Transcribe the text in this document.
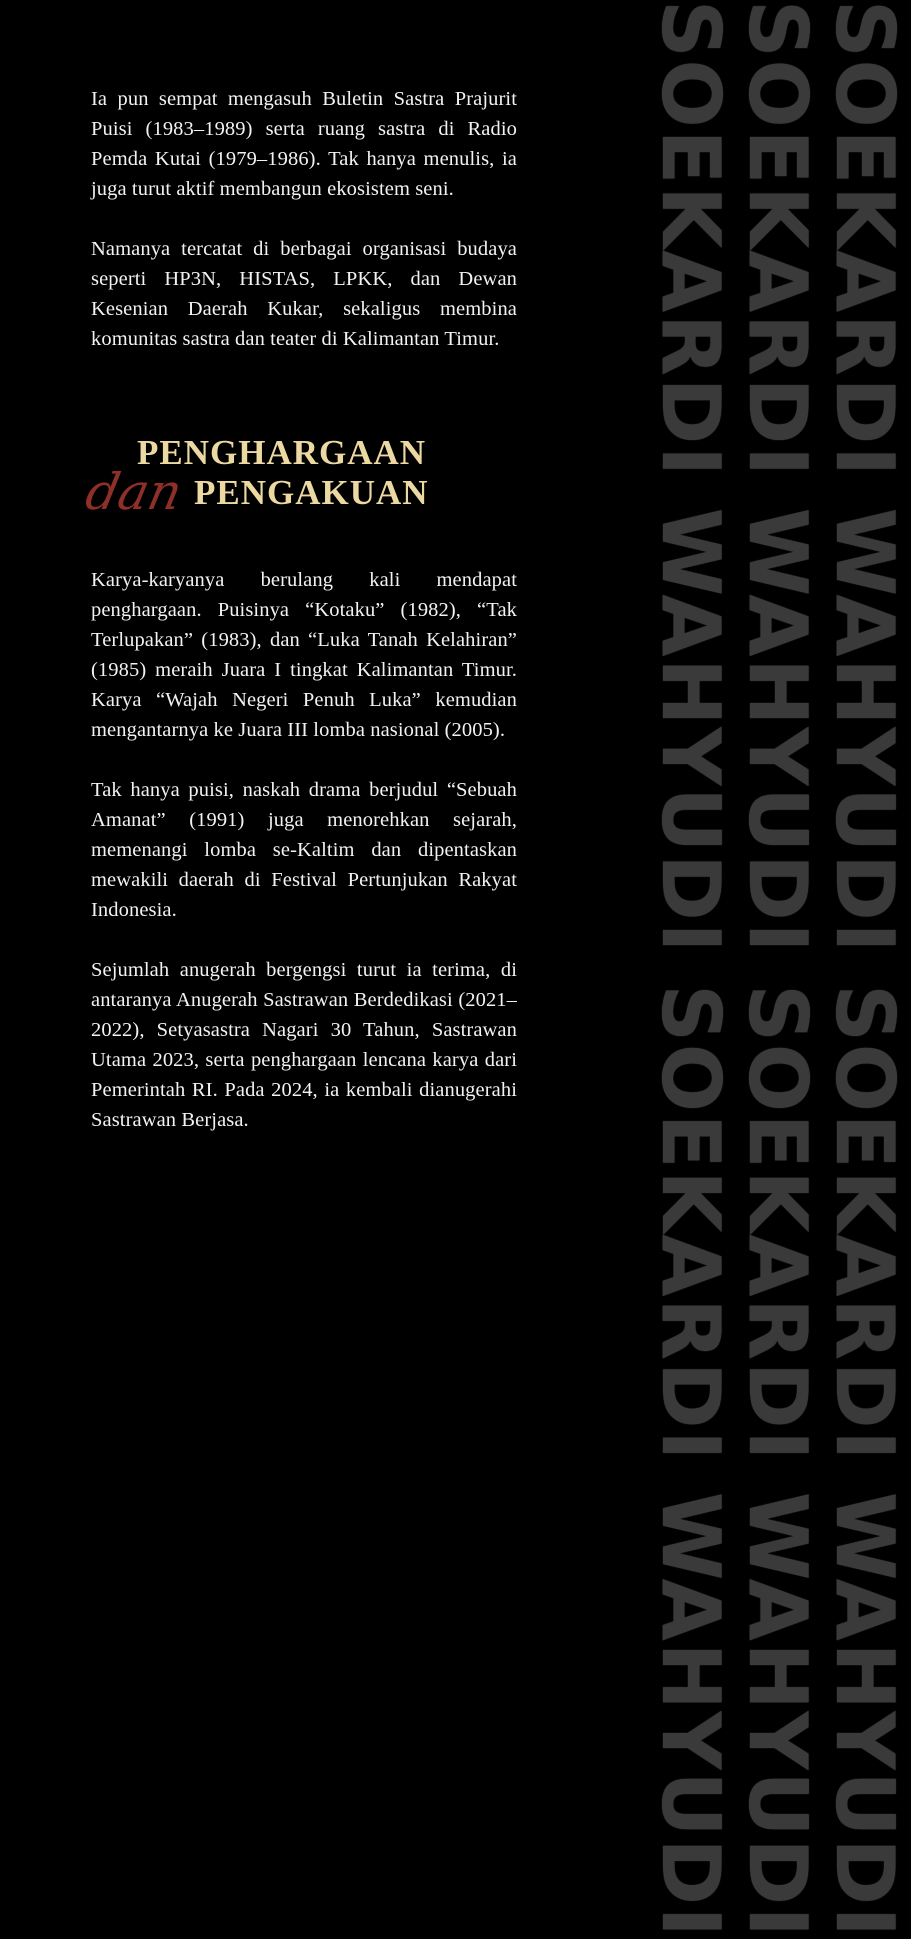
Ia pun sempat mengasuh Buletin Sastra Prajurit Puisi (1983–1989) serta ruang sastra di Radio Pemda Kutai (1979–1986). Tak hanya menulis, ia juga turut aktif membangun ekosistem seni.

Namanya tercatat di berbagai organisasi budaya seperti HP3N, HISTAS, LPKK, dan Dewan Kesenian Daerah Kukar, sekaligus membina komunitas sastra dan teater di Kalimantan Timur.

dan
PENGHARGAAN
PENGAKUAN

Karya-karyanya berulang kali mendapat penghargaan. Puisinya “Kotaku” (1982), “Tak Terlupakan” (1983), dan “Luka Tanah Kelahiran” (1985) meraih Juara I tingkat Kalimantan Timur. Karya “Wajah Negeri Penuh Luka” kemudian mengantarnya ke Juara III lomba nasional (2005).

Tak hanya puisi, naskah drama berjudul “Sebuah Amanat” (1991) juga menorehkan sejarah, memenangi lomba se-Kaltim dan dipentaskan mewakili daerah di Festival Pertunjukan Rakyat Indonesia.

Sejumlah anugerah bergengsi turut ia terima, di antaranya Anugerah Sastrawan Berdedikasi (2021–2022), Setyasastra Nagari 30 Tahun, Sastrawan Utama 2023, serta penghargaan lencana karya dari Pemerintah RI. Pada 2024, ia kembali dianugerahi Sastrawan Berjasa.	SOEKARDI WAHYUDI SOEKARDI WAHYUDI
SOEKARDI WAHYUDI SOEKARDI WAHYUDI
SOEKARDI WAHYUDI SOEKARDI WAHYUDI
